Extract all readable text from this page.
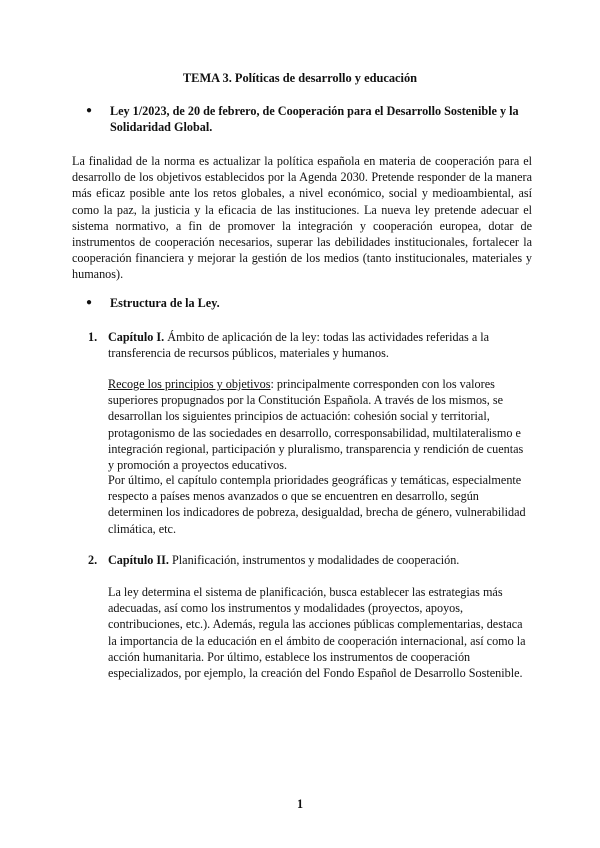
TEMA 3. Políticas de desarrollo y educación
● Ley 1/2023, de 20 de febrero, de Cooperación para el Desarrollo Sostenible y la Solidaridad Global.
La finalidad de la norma es actualizar la política española en materia de cooperación para el desarrollo de los objetivos establecidos por la Agenda 2030. Pretende responder de la manera más eficaz posible ante los retos globales, a nivel económico, social y medioambiental, así como la paz, la justicia y la eficacia de las instituciones. La nueva ley pretende adecuar el sistema normativo, a fin de promover la integración y cooperación europea, dotar de instrumentos de cooperación necesarios, superar las debilidades institucionales, fortalecer la cooperación financiera y mejorar la gestión de los medios (tanto institucionales, materiales y humanos).
● Estructura de la Ley.
1. Capítulo I. Ámbito de aplicación de la ley: todas las actividades referidas a la transferencia de recursos públicos, materiales y humanos.
Recoge los principios y objetivos: principalmente corresponden con los valores superiores propugnados por la Constitución Española. A través de los mismos, se desarrollan los siguientes principios de actuación: cohesión social y territorial, protagonismo de las sociedades en desarrollo, corresponsabilidad, multilateralismo e integración regional, participación y pluralismo, transparencia y rendición de cuentas y promoción a proyectos educativos.
Por último, el capítulo contempla prioridades geográficas y temáticas, especialmente respecto a países menos avanzados o que se encuentren en desarrollo, según determinen los indicadores de pobreza, desigualdad, brecha de género, vulnerabilidad climática, etc.
2. Capítulo II. Planificación, instrumentos y modalidades de cooperación.
La ley determina el sistema de planificación, busca establecer las estrategias más adecuadas, así como los instrumentos y modalidades (proyectos, apoyos, contribuciones, etc.). Además, regula las acciones públicas complementarias, destaca la importancia de la educación en el ámbito de cooperación internacional, así como la acción humanitaria. Por último, establece los instrumentos de cooperación especializados, por ejemplo, la creación del Fondo Español de Desarrollo Sostenible.
1
